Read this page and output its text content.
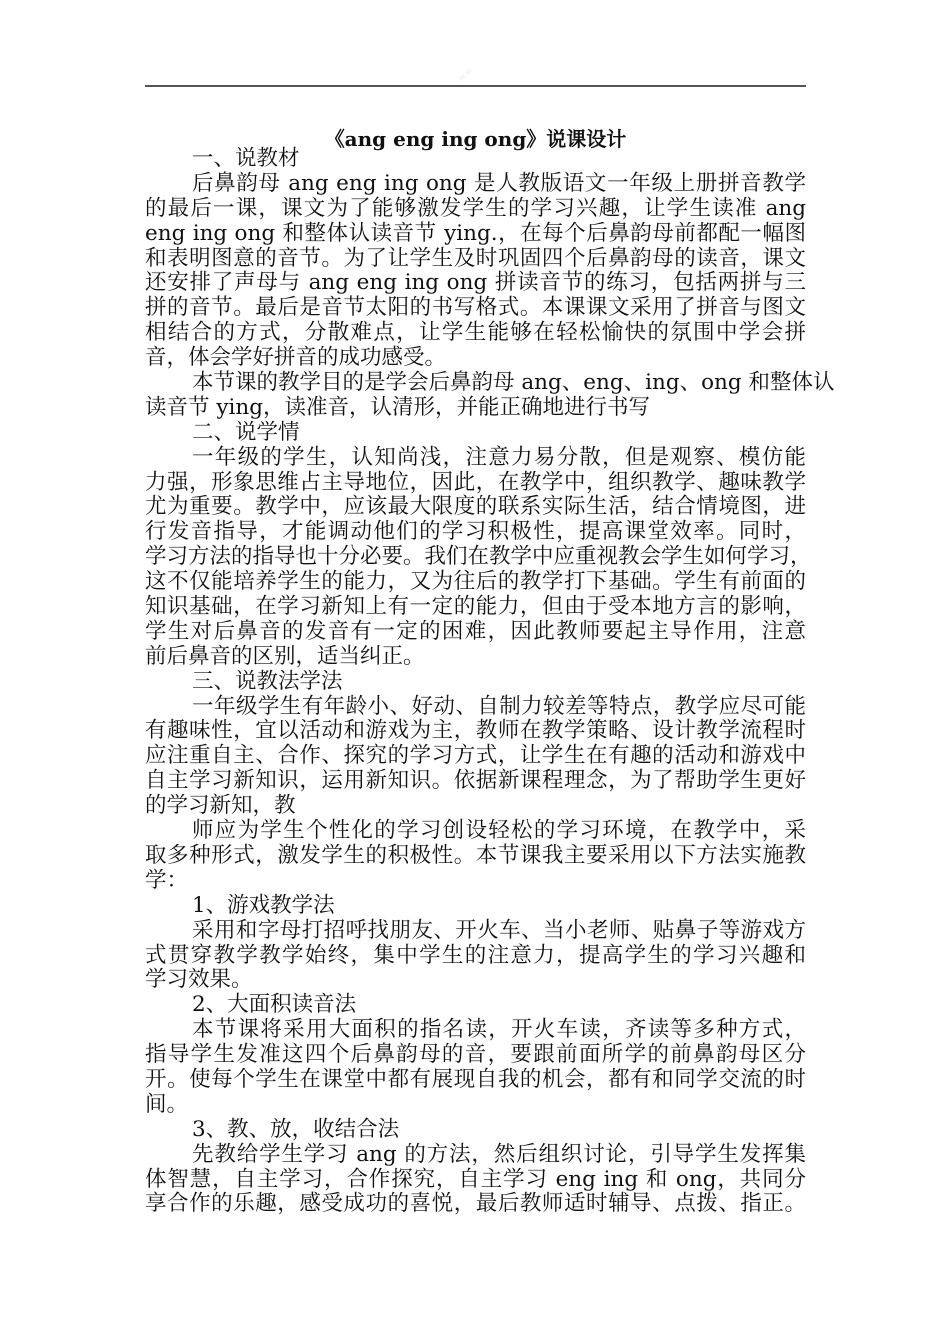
≈≈
《ang eng ing ong》说课设计
一、说教材
后鼻韵母 ang eng ing ong 是人教版语文一年级上册拼音教学
的最后一课，课文为了能够激发学生的学习兴趣，让学生读准 ang
eng ing ong 和整体认读音节 ying.，在每个后鼻韵母前都配一幅图
和表明图意的音节。为了让学生及时巩固四个后鼻韵母的读音，课文
还安排了声母与 ang eng ing ong 拼读音节的练习，包括两拼与三
拼的音节。最后是音节太阳的书写格式。本课课文采用了拼音与图文
相结合的方式，分散难点，让学生能够在轻松愉快的氛围中学会拼
音，体会学好拼音的成功感受。
本节课的教学目的是学会后鼻韵母 ang、eng、ing、ong 和整体认
读音节 ying，读准音，认清形，并能正确地进行书写
二、说学情
一年级的学生，认知尚浅，注意力易分散，但是观察、模仿能
力强，形象思维占主导地位，因此，在教学中，组织教学、趣味教学
尤为重要。教学中，应该最大限度的联系实际生活，结合情境图，进
行发音指导，才能调动他们的学习积极性，提高课堂效率。同时，
学习方法的指导也十分必要。我们在教学中应重视教会学生如何学习，
这不仅能培养学生的能力，又为往后的教学打下基础。学生有前面的
知识基础，在学习新知上有一定的能力，但由于受本地方言的影响，
学生对后鼻音的发音有一定的困难，因此教师要起主导作用，注意
前后鼻音的区别，适当纠正。
三、说教法学法
一年级学生有年龄小、好动、自制力较差等特点，教学应尽可能
有趣味性，宜以活动和游戏为主，教师在教学策略、设计教学流程时
应注重自主、合作、探究的学习方式，让学生在有趣的活动和游戏中
自主学习新知识，运用新知识。依据新课程理念，为了帮助学生更好
的学习新知，教
师应为学生个性化的学习创设轻松的学习环境，在教学中，采
取多种形式，激发学生的积极性。本节课我主要采用以下方法实施教
学：
1、游戏教学法
采用和字母打招呼找朋友、开火车、当小老师、贴鼻子等游戏方
式贯穿教学教学始终，集中学生的注意力，提高学生的学习兴趣和
学习效果。
2、大面积读音法
本节课将采用大面积的指名读，开火车读，齐读等多种方式，
指导学生发准这四个后鼻韵母的音，要跟前面所学的前鼻韵母区分
开。使每个学生在课堂中都有展现自我的机会，都有和同学交流的时
间。
3、教、放，收结合法
先教给学生学习 ang 的方法，然后组织讨论，引导学生发挥集
体智慧，自主学习，合作探究，自主学习 eng ing 和 ong，共同分
享合作的乐趣，感受成功的喜悦，最后教师适时辅导、点拨、指正。
